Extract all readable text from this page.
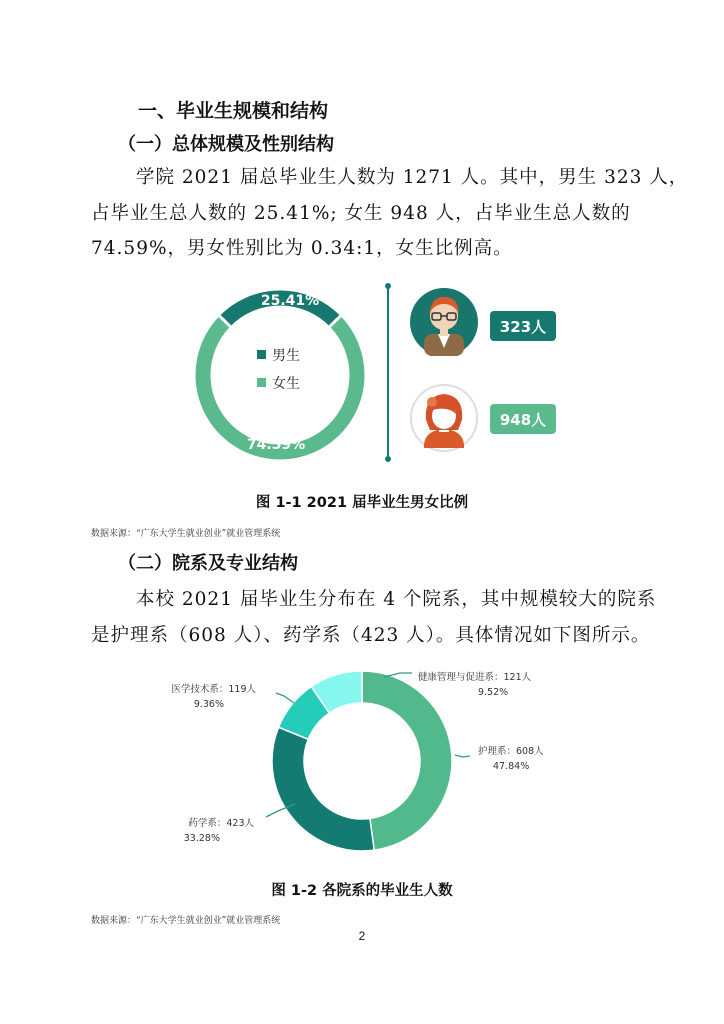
一、毕业生规模和结构
（一）总体规模及性别结构
学院 2021 届总毕业生人数为 1271 人。其中，男生 323 人，
占毕业生总人数的 25.41%; 女生 948 人，占毕业生总人数的
74.59%，男女性别比为 0.34:1，女生比例高。
男生
女生
25.41%
74.59%
323人
948人
图 1-1 2021 届毕业生男女比例
数据来源：“广东大学生就业创业”就业管理系统
（二）院系及专业结构
本校 2021 届毕业生分布在 4 个院系，其中规模较大的院系
是护理系（608 人）、药学系（423 人）。具体情况如下图所示。
护理系：608人
47.84%
药学系：423人
33.28%
医学技术系：119人
9.36%
健康管理与促进系：121人
9.52%
图 1-2 各院系的毕业生人数
数据来源：“广东大学生就业创业”就业管理系统
2
